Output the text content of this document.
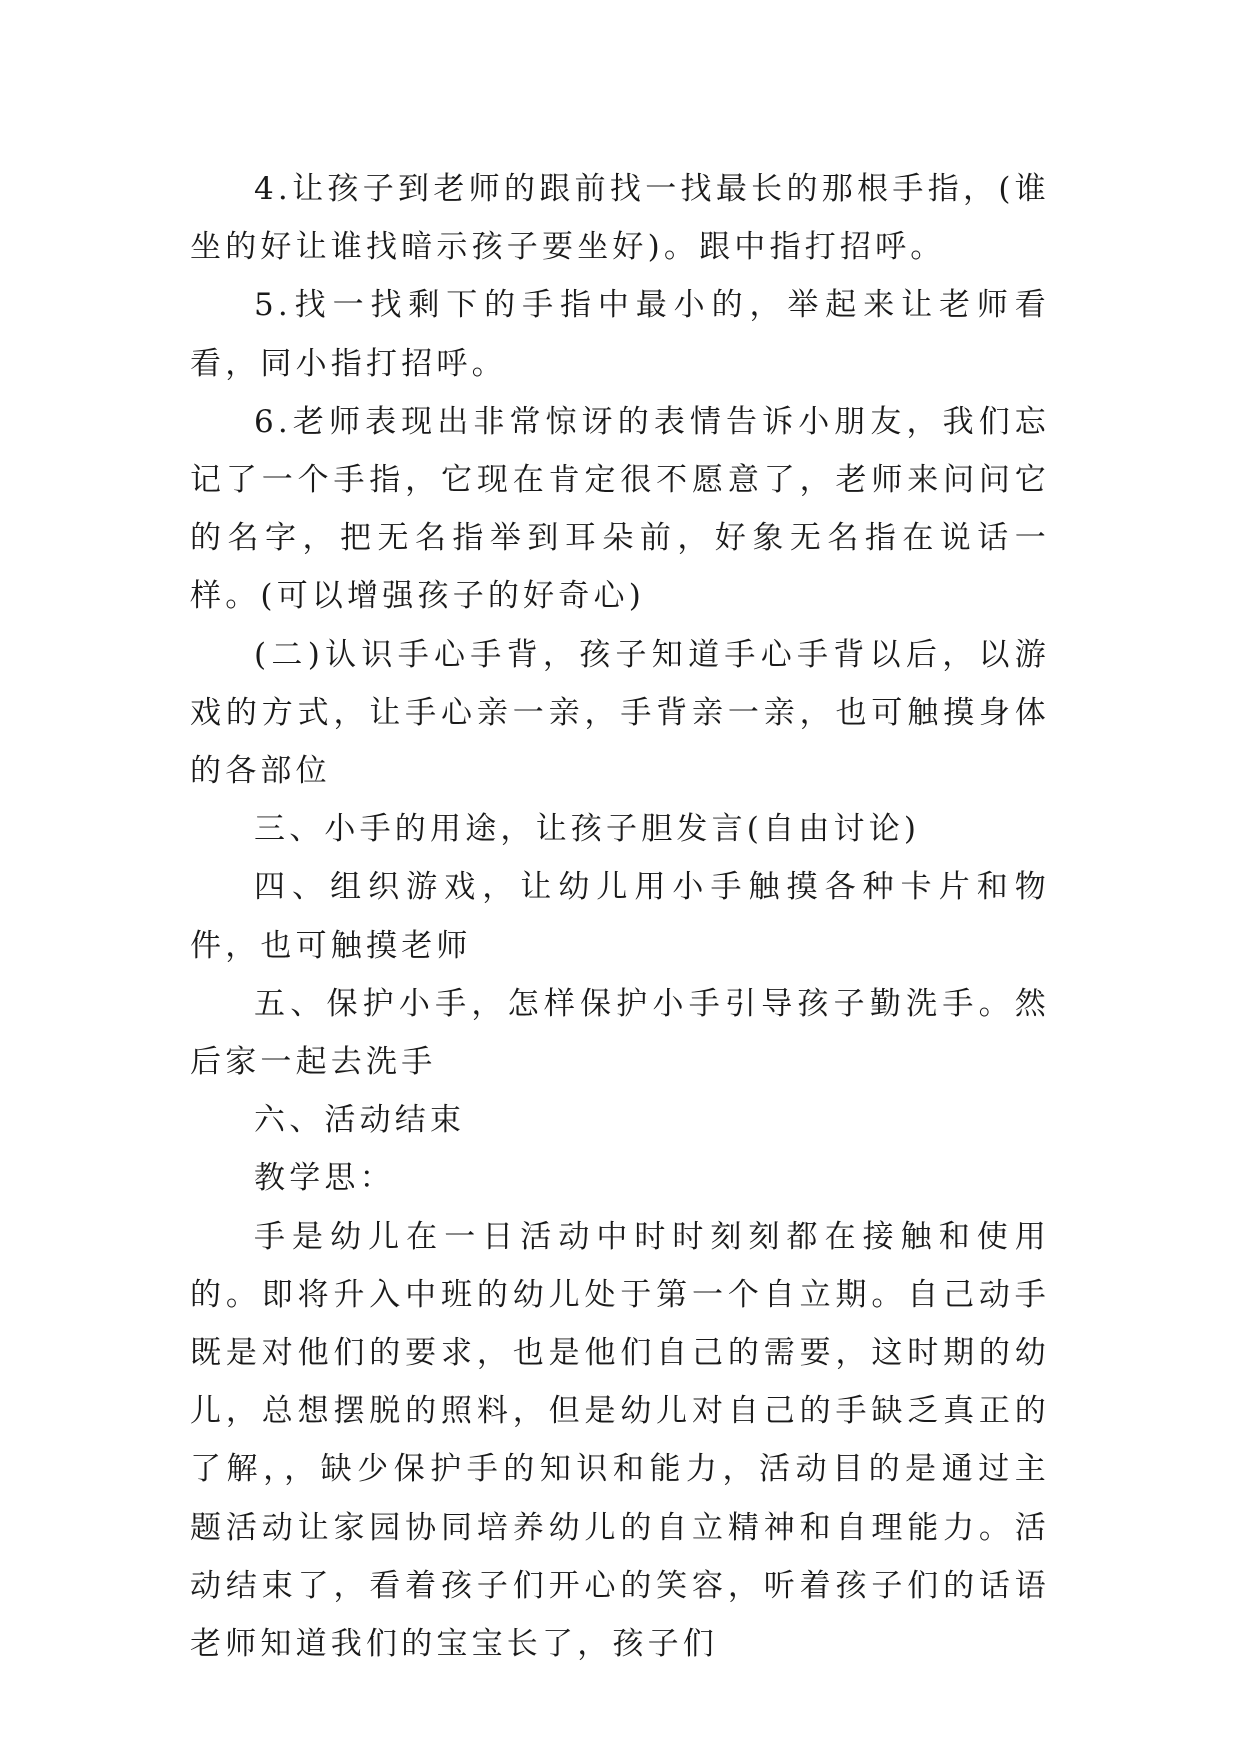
4.让孩子到老师的跟前找一找最长的那根手指，(谁坐的好让谁找暗示孩子要坐好)。跟中指打招呼。

5.找一找剩下的手指中最小的，举起来让老师看看，同小指打招呼。

6.老师表现出非常惊讶的表情告诉小朋友，我们忘记了一个手指，它现在肯定很不愿意了，老师来问问它的名字，把无名指举到耳朵前，好象无名指在说话一样。(可以增强孩子的好奇心)

(二)认识手心手背，孩子知道手心手背以后，以游戏的方式，让手心亲一亲，手背亲一亲，也可触摸身体的各部位

三、小手的用途，让孩子胆发言(自由讨论)

四、组织游戏，让幼儿用小手触摸各种卡片和物件，也可触摸老师

五、保护小手，怎样保护小手引导孩子勤洗手。然后家一起去洗手

六、活动结束

教学思：

手是幼儿在一日活动中时时刻刻都在接触和使用的。即将升入中班的幼儿处于第一个自立期。自己动手既是对他们的要求，也是他们自己的需要，这时期的幼儿，总想摆脱的照料，但是幼儿对自己的手缺乏真正的了解，，缺少保护手的知识和能力，活动目的是通过主题活动让家园协同培养幼儿的自立精神和自理能力。活动结束了，看着孩子们开心的笑容，听着孩子们的话语老师知道我们的宝宝长了，孩子们
